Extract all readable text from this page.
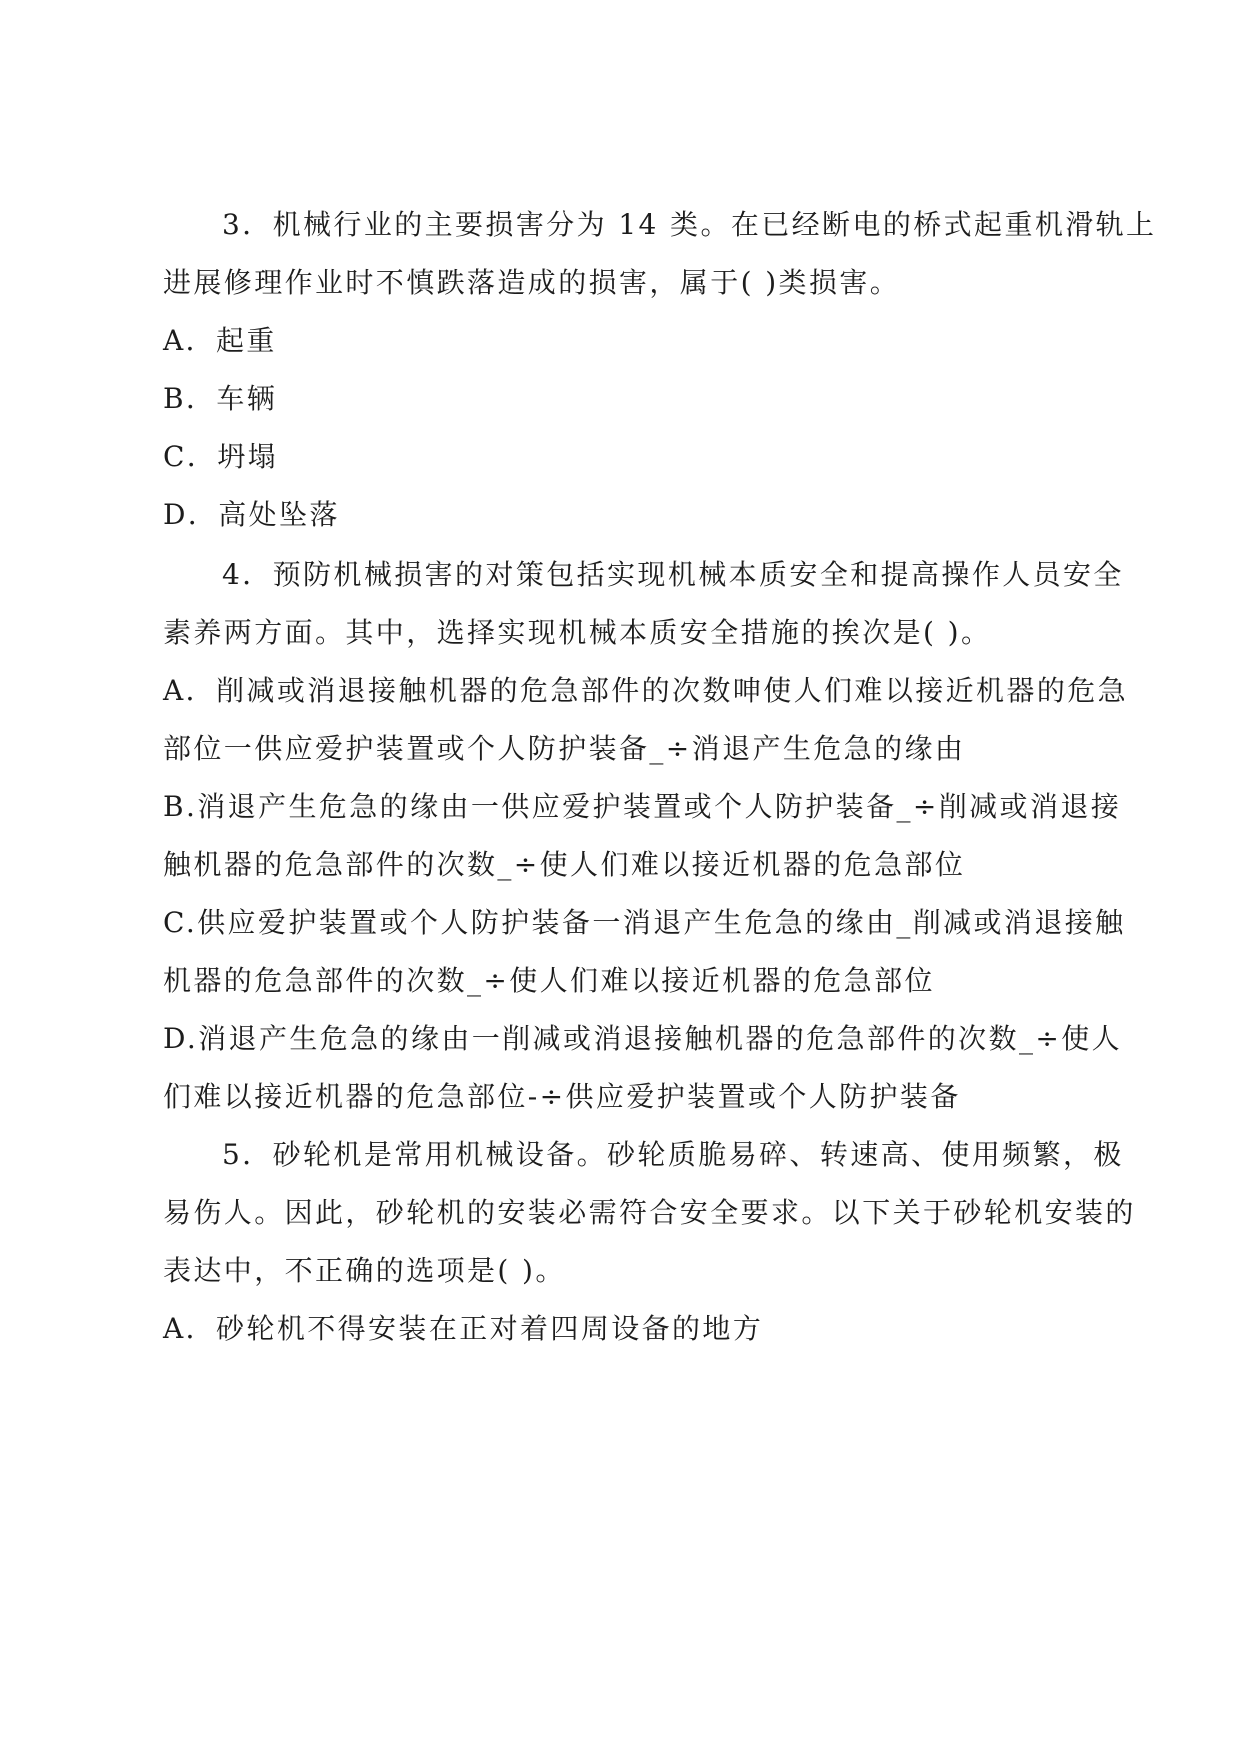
3．机械行业的主要损害分为 14 类。在已经断电的桥式起重机滑轨上
进展修理作业时不慎跌落造成的损害，属于( )类损害。
A．起重
B．车辆
C．坍塌
D．高处坠落
4．预防机械损害的对策包括实现机械本质安全和提高操作人员安全
素养两方面。其中，选择实现机械本质安全措施的挨次是( )。
A．削减或消退接触机器的危急部件的次数呻使人们难以接近机器的危急
部位一供应爱护装置或个人防护装备_÷消退产生危急的缘由
B.消退产生危急的缘由一供应爱护装置或个人防护装备_÷削减或消退接
触机器的危急部件的次数_÷使人们难以接近机器的危急部位
C.供应爱护装置或个人防护装备一消退产生危急的缘由_削减或消退接触
机器的危急部件的次数_÷使人们难以接近机器的危急部位
D.消退产生危急的缘由一削减或消退接触机器的危急部件的次数_÷使人
们难以接近机器的危急部位-÷供应爱护装置或个人防护装备
5．砂轮机是常用机械设备。砂轮质脆易碎、转速高、使用频繁，极
易伤人。因此，砂轮机的安装必需符合安全要求。以下关于砂轮机安装的
表达中，不正确的选项是( )。
A．砂轮机不得安装在正对着四周设备的地方
